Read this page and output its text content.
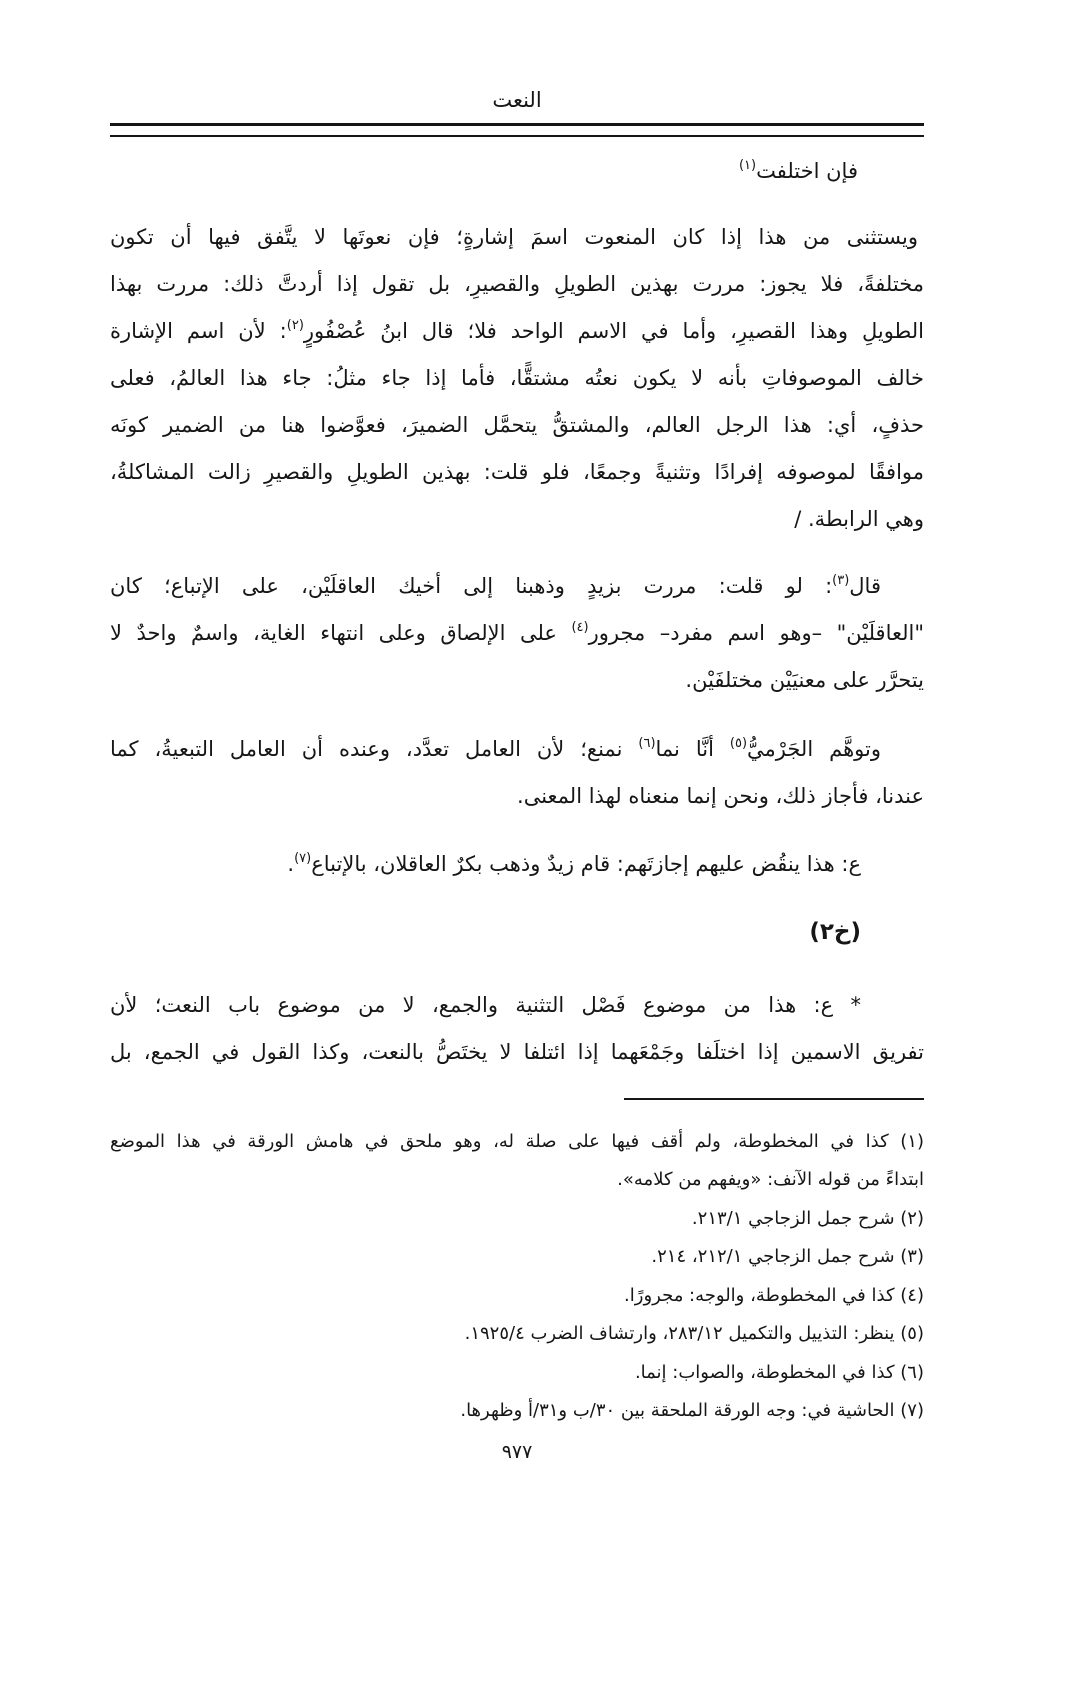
النعت
فإن اختلفت$^{(١)}$
ويستثنى من هذا إذا كان المنعوت اسمَ إشارةٍ؛ فإن نعوتَها لا يتَّفق فيها أن تكون
مختلفةً، فلا يجوز: مررت بهذين الطويلِ والقصيرِ، بل تقول إذا أردتَّ ذلك: مررت بهذا
الطويلِ وهذا القصيرِ، وأما في الاسم الواحد فلا؛ قال ابنُ عُصْفُورٍ$^{(٢)}$: لأن اسم الإشارة
خالف الموصوفاتِ بأنه لا يكون نعتُه مشتقًّا، فأما إذا جاء مثلُ: جاء هذا العالمُ، فعلى
حذفٍ، أي: هذا الرجل العالم، والمشتقُّ يتحمَّل الضميرَ، فعوَّضوا هنا من الضمير كونَه
موافقًا لموصوفه إفرادًا وتثنيةً وجمعًا، فلو قلت: بهذين الطويلِ والقصيرِ زالت المشاكلةُ،
وهي الرابطة. /
قال$^{(٣)}$: لو قلت: مررت بزيدٍ وذهبنا إلى أخيك العاقلَيْن، على الإتباع؛ كان
"العاقلَيْن" –وهو اسم مفرد– مجرور$^{(٤)}$ على الإلصاق وعلى انتهاء الغاية، واسمٌ واحدٌ لا
يتحرَّر على معنيَيْن مختلفَيْن.
وتوهَّم الجَرْميُّ$^{(٥)}$ أنَّا نما$^{(٦)}$ نمنع؛ لأن العامل تعدَّد، وعنده أن العامل التبعيةُ، كما
عندنا، فأجاز ذلك، ونحن إنما منعناه لهذا المعنى.
ع: هذا ينقُض عليهم إجازتَهم: قام زيدٌ وذهب بكرٌ العاقلان، بالإتباع$^{(٧)}$.
(خ٢)
* ع: هذا من موضوع فَصْل التثنية والجمع، لا من موضوع باب النعت؛ لأن
تفريق الاسمين إذا اختلَفا وجَمْعَهما إذا ائتلفا لا يختَصُّ بالنعت، وكذا القول في الجمع، بل
(١) كذا في المخطوطة، ولم أقف فيها على صلة له، وهو ملحق في هامش الورقة في هذا الموضع
ابتداءً من قوله الآنف: «ويفهم من كلامه».
(٢) شرح جمل الزجاجي ٢١٣/١.
(٣) شرح جمل الزجاجي ٢١٢/١، ٢١٤.
(٤) كذا في المخطوطة، والوجه: مجرورًا.
(٥) ينظر: التذييل والتكميل ٢٨٣/١٢، وارتشاف الضرب ١٩٢٥/٤.
(٦) كذا في المخطوطة، والصواب: إنما.
(٧) الحاشية في: وجه الورقة الملحقة بين ٣٠/ب و٣١/أ وظهرها.
٩٧٧
